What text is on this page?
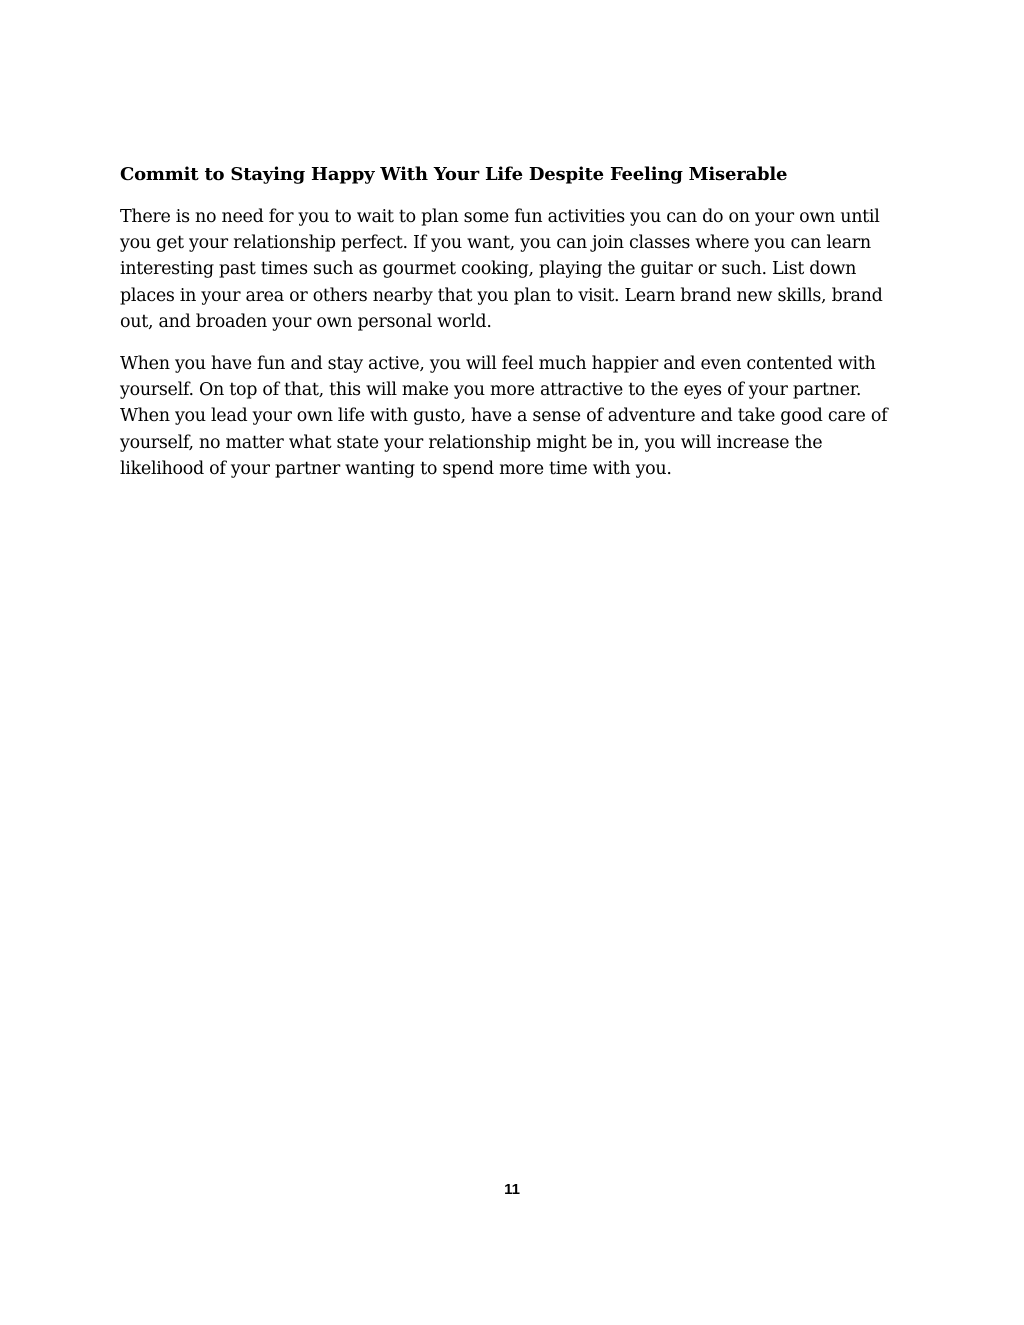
Commit to Staying Happy With Your Life Despite Feeling Miserable

There is no need for you to wait to plan some fun activities you can do on your own until you get your relationship perfect. If you want, you can join classes where you can learn interesting past times such as gourmet cooking, playing the guitar or such. List down places in your area or others nearby that you plan to visit. Learn brand new skills, brand out, and broaden your own personal world.

When you have fun and stay active, you will feel much happier and even contented with yourself. On top of that, this will make you more attractive to the eyes of your partner. When you lead your own life with gusto, have a sense of adventure and take good care of yourself, no matter what state your relationship might be in, you will increase the likelihood of your partner wanting to spend more time with you.

11
